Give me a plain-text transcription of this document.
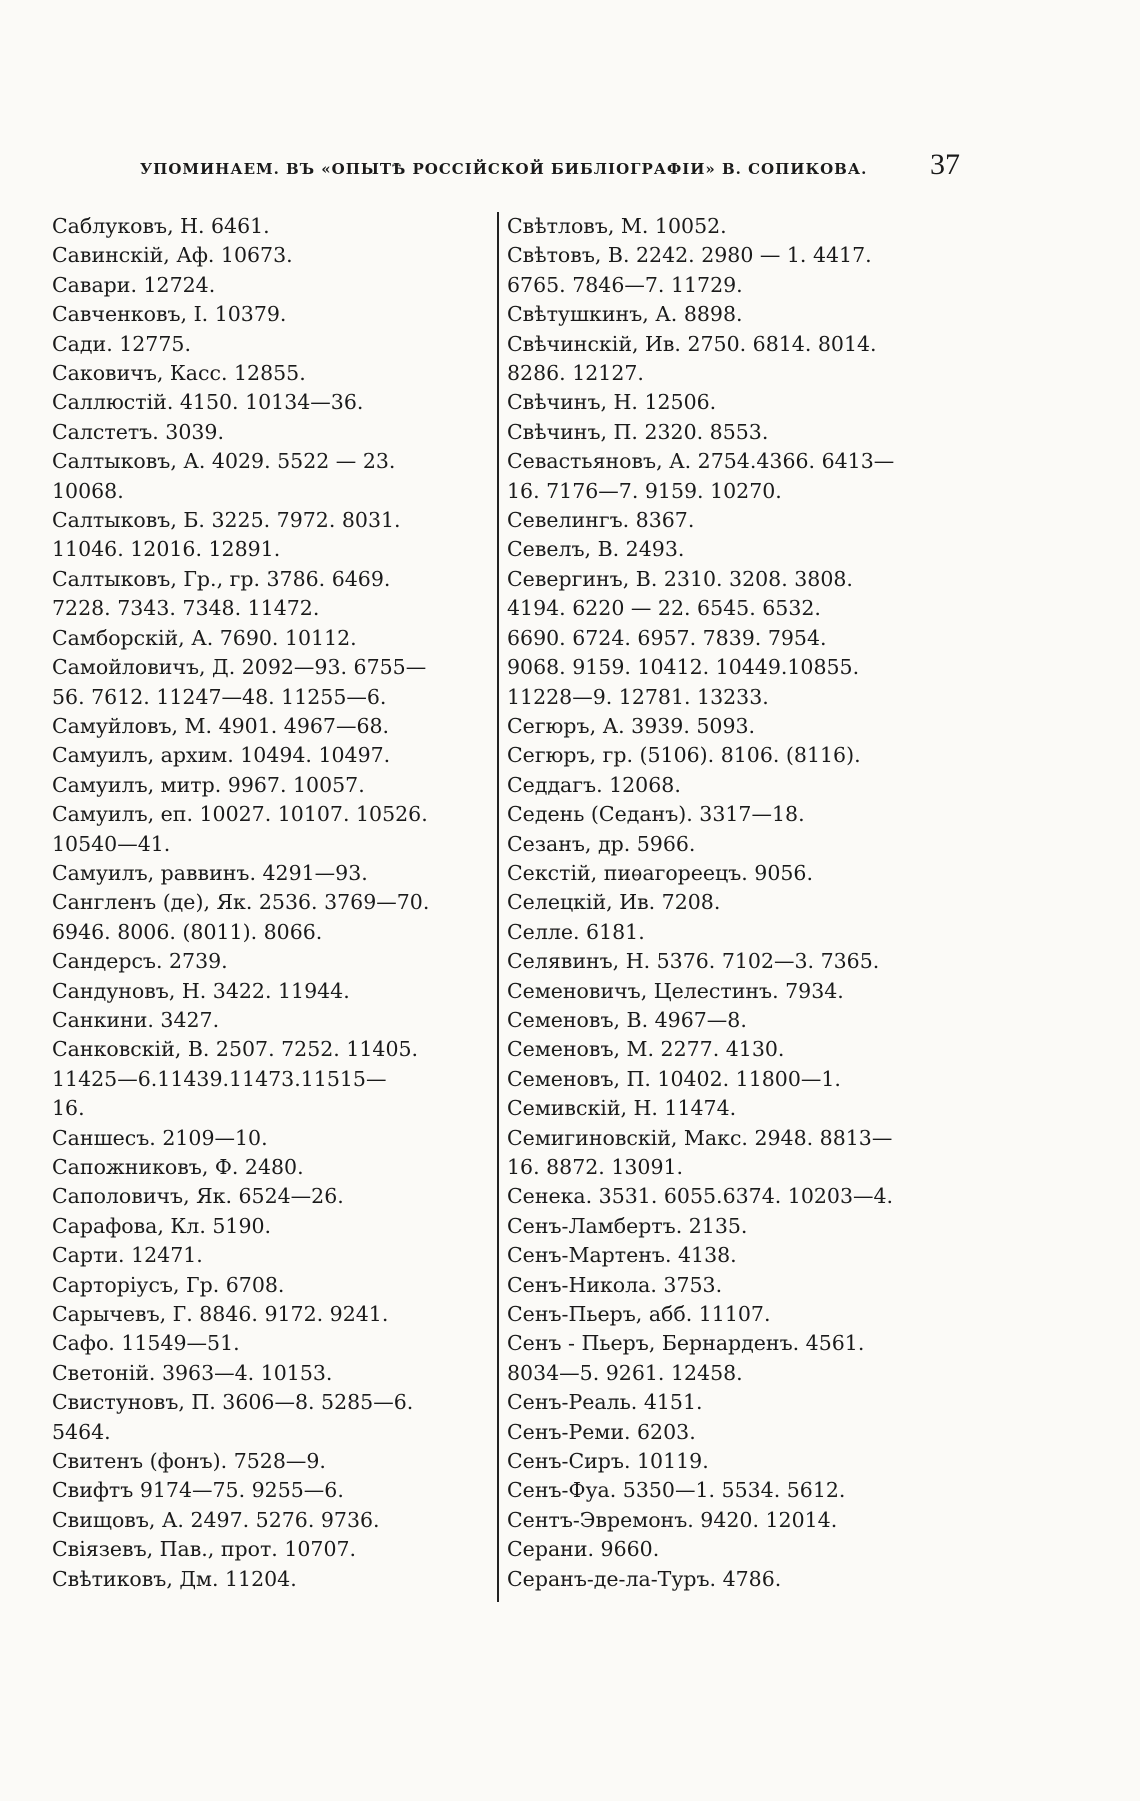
УПОМИНАЕМ. ВЪ «ОПЫТѢ РОССІЙСКОЙ БИБЛІОГРАФІИ» В. СОПИКОВА. 37
Саблуковъ, Н. 6461.
Савинскій, Аф. 10673.
Савари. 12724.
Савченковъ, I. 10379.
Сади. 12775.
Саковичъ, Касс. 12855.
Саллюстій. 4150. 10134—36.
Салстетъ. 3039.
Салтыковъ, А. 4029. 5522 — 23.
10068.
Салтыковъ, Б. 3225. 7972. 8031.
11046. 12016. 12891.
Салтыковъ, Гр., гр. 3786. 6469.
7228. 7343. 7348. 11472.
Самборскій, А. 7690. 10112.
Самойловичъ, Д. 2092—93. 6755—
56. 7612. 11247—48. 11255—6.
Самуйловъ, М. 4901. 4967—68.
Самуилъ, архим. 10494. 10497.
Самуилъ, митр. 9967. 10057.
Самуилъ, еп. 10027. 10107. 10526.
10540—41.
Самуилъ, раввинъ. 4291—93.
Сангленъ (де), Як. 2536. 3769—70.
6946. 8006. (8011). 8066.
Сандерсъ. 2739.
Сандуновъ, Н. 3422. 11944.
Санкини. 3427.
Санковскій, В. 2507. 7252. 11405.
11425—6.11439.11473.11515—
16.
Саншесъ. 2109—10.
Сапожниковъ, Ф. 2480.
Саполовичъ, Як. 6524—26.
Сарафова, Кл. 5190.
Сарти. 12471.
Сарторіусъ, Гр. 6708.
Сарычевъ, Г. 8846. 9172. 9241.
Сафо. 11549—51.
Светоній. 3963—4. 10153.
Свистуновъ, П. 3606—8. 5285—6.
5464.
Свитенъ (фонъ). 7528—9.
Свифтъ 9174—75. 9255—6.
Свищовъ, А. 2497. 5276. 9736.
Свіязевъ, Пав., прот. 10707.
Свѣтиковъ, Дм. 11204.
Свѣтловъ, М. 10052.
Свѣтовъ, В. 2242. 2980 — 1. 4417.
6765. 7846—7. 11729.
Свѣтушкинъ, А. 8898.
Свѣчинскій, Ив. 2750. 6814. 8014.
8286. 12127.
Свѣчинъ, Н. 12506.
Свѣчинъ, П. 2320. 8553.
Севастьяновъ, А. 2754.4366. 6413—
16. 7176—7. 9159. 10270.
Севелингъ. 8367.
Севелъ, В. 2493.
Севергинъ, В. 2310. 3208. 3808.
4194. 6220 — 22. 6545. 6532.
6690. 6724. 6957. 7839. 7954.
9068. 9159. 10412. 10449.10855.
11228—9. 12781. 13233.
Сегюръ, А. 3939. 5093.
Сегюръ, гр. (5106). 8106. (8116).
Седдагъ. 12068.
Седень (Седанъ). 3317—18.
Сезанъ, др. 5966.
Секстій, пиѳагореецъ. 9056.
Селецкій, Ив. 7208.
Селле. 6181.
Селявинъ, Н. 5376. 7102—3. 7365.
Семеновичъ, Целестинъ. 7934.
Семеновъ, В. 4967—8.
Семеновъ, М. 2277. 4130.
Семеновъ, П. 10402. 11800—1.
Семивскій, Н. 11474.
Семигиновскій, Макс. 2948. 8813—
16. 8872. 13091.
Сенека. 3531. 6055.6374. 10203—4.
Сенъ-Ламбертъ. 2135.
Сенъ-Мартенъ. 4138.
Сенъ-Никола. 3753.
Сенъ-Пьеръ, абб. 11107.
Сенъ - Пьеръ, Бернарденъ. 4561.
8034—5. 9261. 12458.
Сенъ-Реаль. 4151.
Сенъ-Реми. 6203.
Сенъ-Сиръ. 10119.
Сенъ-Фуа. 5350—1. 5534. 5612.
Сентъ-Эвремонъ. 9420. 12014.
Серани. 9660.
Серанъ-де-ла-Туръ. 4786.
